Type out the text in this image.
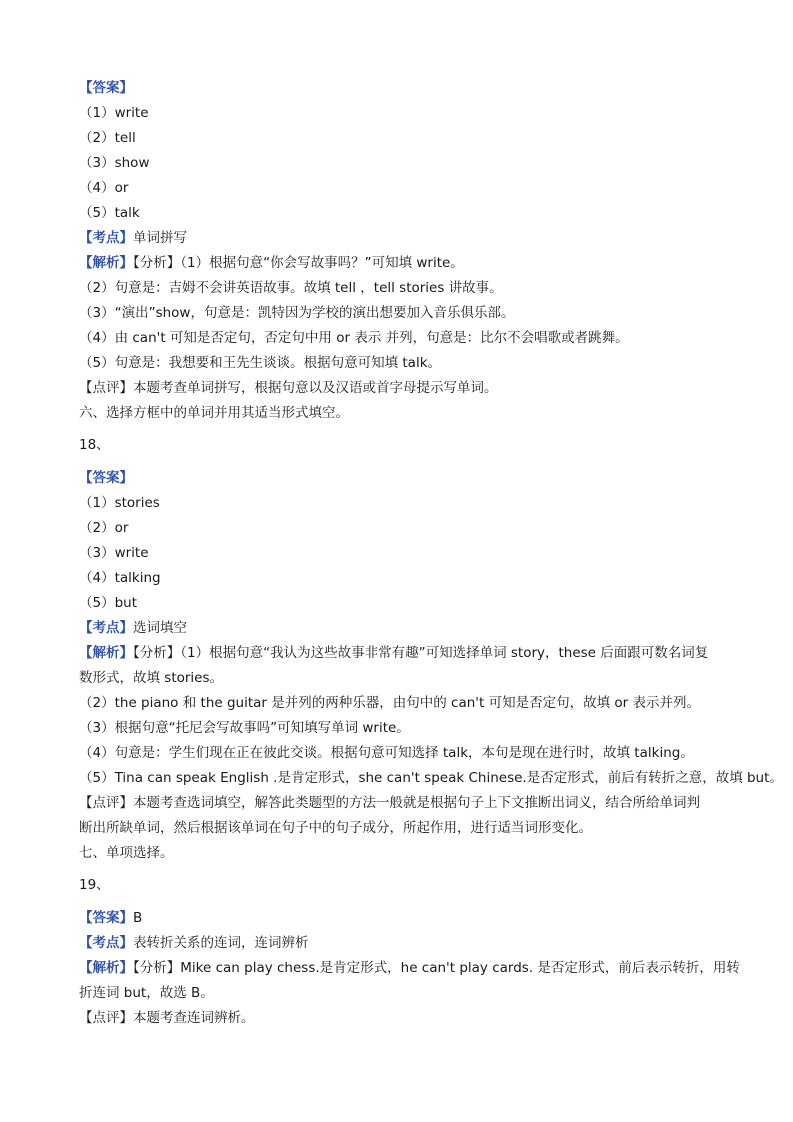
【答案】
（1）write
（2）tell
（3）show
（4）or
（5）talk
【考点】单词拼写
【解析】【分析】（1）根据句意“你会写故事吗？”可知填 write。
（2）句意是：吉姆不会讲英语故事。故填 tell ，tell stories 讲故事。
（3）“演出”show，句意是：凯特因为学校的演出想要加入音乐俱乐部。
（4）由 can't 可知是否定句，否定句中用 or 表示 并列，句意是：比尔不会唱歌或者跳舞。
（5）句意是：我想要和王先生谈谈。根据句意可知填 talk。
【点评】本题考查单词拼写，根据句意以及汉语或首字母提示写单词。
六、选择方框中的单词并用其适当形式填空。
18、
【答案】
（1）stories
（2）or
（3）write
（4）talking
（5）but
【考点】选词填空
【解析】【分析】（1）根据句意“我认为这些故事非常有趣”可知选择单词 story，these 后面跟可数名词复
数形式，故填 stories。
（2）the piano 和 the guitar 是并列的两种乐器，由句中的 can't 可知是否定句，故填 or 表示并列。
（3）根据句意“托尼会写故事吗”可知填写单词 write。
（4）句意是：学生们现在正在彼此交谈。根据句意可知选择 talk，本句是现在进行时，故填 talking。
（5）Tina can speak English .是肯定形式，she can't speak Chinese.是否定形式，前后有转折之意，故填 but。
【点评】本题考查选词填空，解答此类题型的方法一般就是根据句子上下文推断出词义，结合所给单词判
断出所缺单词，然后根据该单词在句子中的句子成分，所起作用，进行适当词形变化。
七、单项选择。
19、
【答案】B
【考点】表转折关系的连词，连词辨析
【解析】【分析】Mike can play chess.是肯定形式，he can't play cards. 是否定形式，前后表示转折，用转
折连词 but，故选 B。
【点评】本题考查连词辨析。
